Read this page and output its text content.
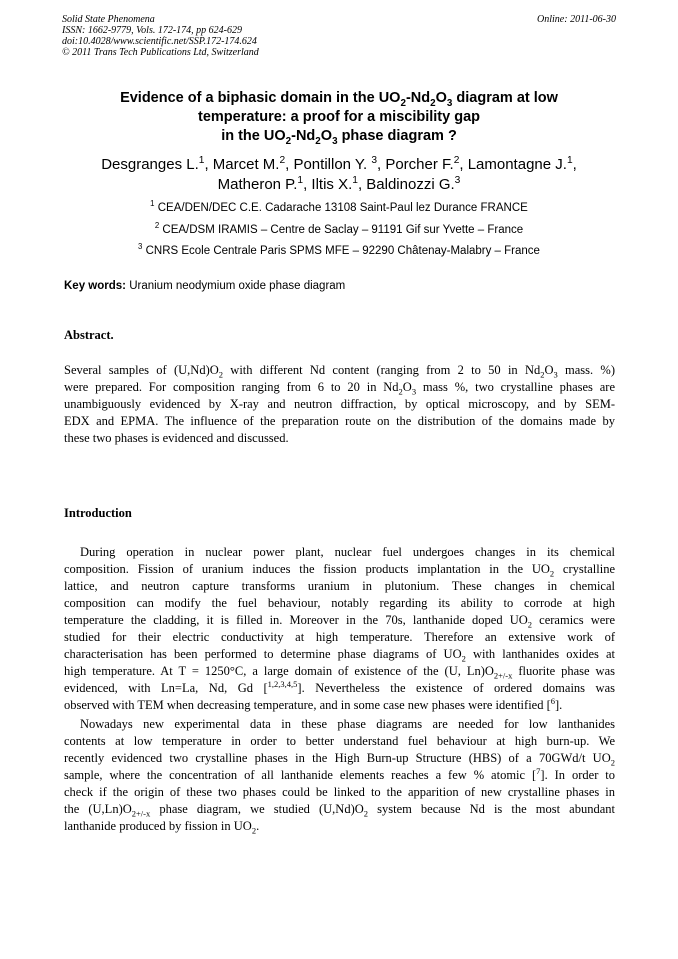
Solid State Phenomena
ISSN: 1662-9779, Vols. 172-174, pp 624-629
doi:10.4028/www.scientific.net/SSP.172-174.624
© 2011 Trans Tech Publications Ltd, Switzerland
Online: 2011-06-30
Evidence of a biphasic domain in the $UO_2-Nd_2O_3$ diagram at low
temperature: a proof for a miscibility gap
in the $UO_2-Nd_2O_3$ phase diagram ?
Desgranges L.$^1$, Marcet M.$^2$, Pontillon Y. $^3$, Porcher F.$^2$, Lamontagne J.$^1$,
Matheron P.$^1$, Iltis X.$^1$, Baldinozzi G.$^3$
$^1$ CEA/DEN/DEC C.E. Cadarache 13108 Saint-Paul lez Durance FRANCE
$^2$ CEA/DSM IRAMIS – Centre de Saclay – 91191 Gif sur Yvette – France
$^3$ CNRS Ecole Centrale Paris SPMS MFE – 92290 Châtenay-Malabry – France
Key words: Uranium neodymium oxide phase diagram
Abstract.
Several samples of $(U,Nd)O_2$ with different Nd content (ranging from 2 to 50 in $Nd_2O_3$ mass. %)
were prepared. For composition ranging from 6 to 20 in $Nd_2O_3$ mass %, two crystalline phases are
unambiguously evidenced by X-ray and neutron diffraction, by optical microscopy, and by SEM-
EDX and EPMA. The influence of the preparation route on the distribution of the domains made by
these two phases is evidenced and discussed.
Introduction
During operation in nuclear power plant, nuclear fuel undergoes changes in its chemical
composition. Fission of uranium induces the fission products implantation in the $UO_2$ crystalline
lattice, and neutron capture transforms uranium in plutonium. These changes in chemical
composition can modify the fuel behaviour, notably regarding its ability to corrode at high
temperature the cladding, it is filled in. Moreover in the 70s, lanthanide doped $UO_2$ ceramics were
studied for their electric conductivity at high temperature. Therefore an extensive work of
characterisation has been performed to determine phase diagrams of $UO_2$ with lanthanides oxides at
high temperature. At T = 1250°C, a large domain of existence of the (U, $Ln)O_{2+/-x}$ fluorite phase was
evidenced, with Ln=La, Nd, Gd [$^{1,2,3,4,5}$]. Nevertheless the existence of ordered domains was
observed with TEM when decreasing temperature, and in some case new phases were identified [$^6$].
Nowadays new experimental data in these phase diagrams are needed for low lanthanides
contents at low temperature in order to better understand fuel behaviour at high burn-up. We
recently evidenced two crystalline phases in the High Burn-up Structure (HBS) of a 70GWd/t $UO_2$
sample, where the concentration of all lanthanide elements reaches a few % atomic [$^7$]. In order to
check if the origin of these two phases could be linked to the apparition of new crystalline phases in
the $(U,Ln)O_{2+/-x}$ phase diagram, we studied $(U,Nd)O_2$ system because Nd is the most abundant
lanthanide produced by fission in $UO_2$.
